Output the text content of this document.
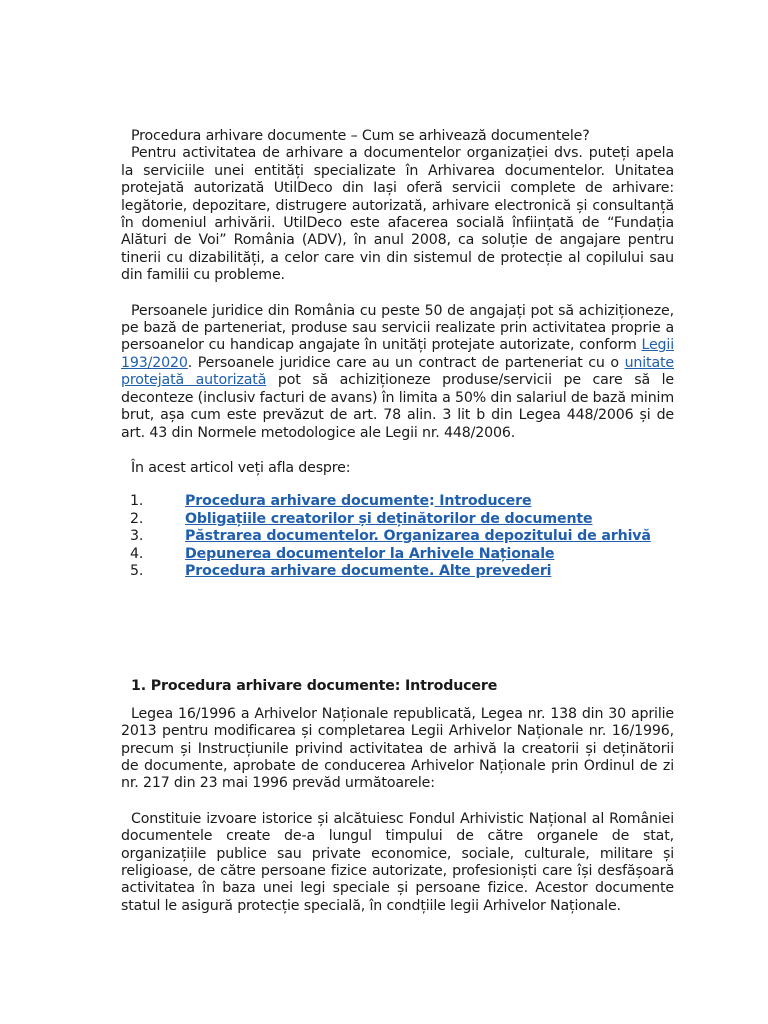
Procedura arhivare documente – Cum se arhivează documentele?

Pentru activitatea de arhivare a documentelor organizației dvs. puteți apela la serviciile unei entități specializate în Arhivarea documentelor. Unitatea protejată autorizată UtilDeco din Iași oferă servicii complete de arhivare: legătorie, depozitare, distrugere autorizată, arhivare electronică și consultanță în domeniul arhivării. UtilDeco este afacerea socială înființată de “Fundația Alături de Voi” România (ADV), în anul 2008, ca soluție de angajare pentru tinerii cu dizabilități, a celor care vin din sistemul de protecție al copilului sau din familii cu probleme.

Persoanele juridice din România cu peste 50 de angajați pot să achiziționeze, pe bază de parteneriat, produse sau servicii realizate prin activitatea proprie a persoanelor cu handicap angajate în unități protejate autorizate, conform Legii 193/2020. Persoanele juridice care au un contract de parteneriat cu o unitate protejată autorizată pot să achiziționeze produse/servicii pe care să le deconteze (inclusiv facturi de avans) în limita a 50% din salariul de bază minim brut, așa cum este prevăzut de art. 78 alin. 3 lit b din Legea 448/2006 și de art. 43 din Normele metodologice ale Legii nr. 448/2006.

În acest articol veți afla despre:

1.	Procedura arhivare documente: Introducere
2.	Obligațiile creatorilor și deținătorilor de documente
3.	Păstrarea documentelor. Organizarea depozitului de arhivă
4.	Depunerea documentelor la Arhivele Naționale
5.	Procedura arhivare documente. Alte prevederi

1. Procedura arhivare documente: Introducere

Legea 16/1996 a Arhivelor Naționale republicată, Legea nr. 138 din 30 aprilie 2013 pentru modificarea și completarea Legii Arhivelor Naționale nr. 16/1996, precum și Instrucțiunile privind activitatea de arhivă la creatorii și deținătorii de documente, aprobate de conducerea Arhivelor Naționale prin Ordinul de zi nr. 217 din 23 mai 1996 prevăd următoarele:

Constituie izvoare istorice și alcătuiesc Fondul Arhivistic Național al României documentele create de-a lungul timpului de către organele de stat, organizațiile publice sau private economice, sociale, culturale, militare și religioase, de către persoane fizice autorizate, profesioniști care își desfășoară activitatea în baza unei legi speciale și persoane fizice. Acestor documente statul le asigură protecție specială, în condțiile legii Arhivelor Naționale.
